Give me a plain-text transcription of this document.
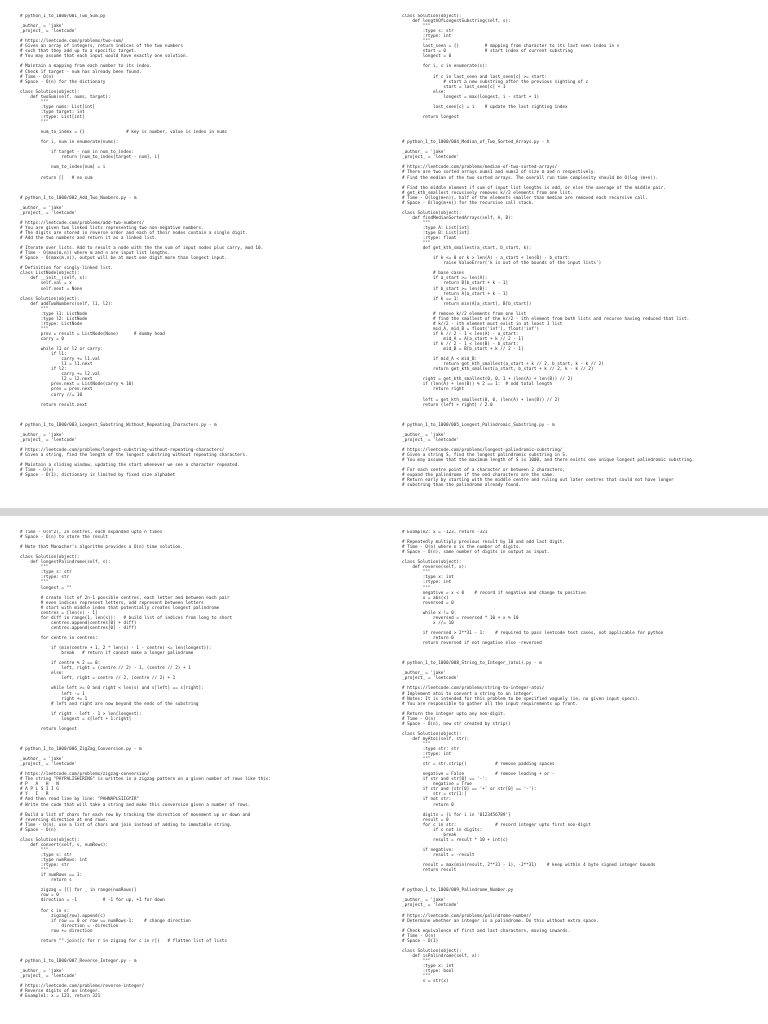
# python_1_to_1000/001_Two_Sum.py

_author_ = 'jake'
_project_ = 'leetcode'

# https://leetcode.com/problems/two-sum/
# Given an array of integers, return indices of the two numbers
# such that they add up to a specific target.
# You may assume that each input would have exactly one solution.

# Maintain a mapping from each number to its index.
# Check if target - num has already been found.
# Time - O(n)
# Space - O(n) for the dictionary

class Solution(object):
def twoSum(self, nums, target):
"""
:type nums: List[int]
:type target: int
:rtype: List[int]
"""

num_to_index = {}                # key is number, value is index in nums

for i, num in enumerate(nums):

if target - num in num_to_index:
return [num_to_index[target - num], i]

num_to_index[num] = i

return []   # no sum

# python_1_to_1000/002_Add_Two_Numbers.py - m

_author_ = 'jake'
_project_ = 'leetcode'

# https://leetcode.com/problems/add-two-numbers/
# You are given two linked lists representing two non-negative numbers.
# The digits are stored in reverse order and each of their nodes contain a single digit.
# Add the two numbers and return it as a linked list.

# Iterate over lists. Add to result a node with the the sum of input nodes plus carry, mod 10.
# Time - O(max(m,n)) where m and n are input list lengths.
# Space - O(max(m,n)), output will be at most one digit more than longest input.

# Definition for singly-linked list.
class ListNode(object):
def __init__(self, x):
self.val = x
self.next = None

class Solution(object):
def addTwoNumbers(self, l1, l2):
"""
:type l1: ListNode
:type l2: ListNode
:rtype: ListNode
"""
prev = result = ListNode(None)      # dummy head
carry = 0

while l1 or l2 or carry:
if l1:
carry += l1.val
l1 = l1.next
if l2:
carry += l2.val
l2 = l2.next
prev.next = ListNode(carry % 10)
prev = prev.next
carry //= 10

return result.next

# python_1_to_1000/003_Longest_Substring_Without_Repeating_Characters.py - m

_author_ = 'jake'
_project_ = 'leetcode'

# https://leetcode.com/problems/longest-substring-without-repeating-characters/
# Given a string, find the length of the longest substring without repeating characters.

# Maintain a sliding window, updating the start whenever we see a character repeated.
# Time - O(n)
# Space - O(1), dictionary is limited by fixed size alphabet
class Solution(object):
def lengthOfLongestSubstring(self, s):
"""
:type s: str
:rtype: int
"""
last_seen = {}          # mapping from character to its last seen index in s
start = 0               # start index of current substring
longest = 0

for i, c in enumerate(s):

if c in last_seen and last_seen[c] >= start:
# start a new substring after the previous sighting of c
start = last_seen[c] + 1
else:
longest = max(longest, i - start + 1)

last_seen[c] = i    # update the last sighting index

return longest

# python_1_to_1000/004_Median_of_Two_Sorted_Arrays.py - h

_author_ = 'jake'
_project_ = 'leetcode'

# https://leetcode.com/problems/median-of-two-sorted-arrays/
# There are two sorted arrays nums1 and nums2 of size m and n respectively.
# Find the median of the two sorted arrays. The overall run time complexity should be O(log (m+n)).

# Find the middle element if sum of input list lengths is odd, or else the average of the middle pair.
# get_kth_smallest recusively removes k//2 elements from one list.
# Time - O(log(m+n)), half of the elements smaller than median are removed each recursive call.
# Space - O(log(m+n)) for the recursive call stack.

class Solution(object):
def findMedianSortedArrays(self, A, B):
"""
:type A: List[int]
:type B: List[int]
:rtype: float
"""
def get_kth_smallest(a_start, b_start, k):

if k <= 0 or k > len(A) - a_start + len(B) - b_start:
raise ValueError('k is out of the bounds of the input lists')

# base cases
if a_start >= len(A):
return B[b_start + k - 1]
if b_start >= len(B):
return A[a_start + k - 1]
if k == 1:
return min(A[a_start], B[b_start])

# remove k//2 elements from one list
# find the smallest of the k//2 - ith element from both lists and recurse having reduced that list.
# k//2 - ith element must exist in at least 1 list
mid_A, mid_B = float('inf'), float('inf')
if k // 2 - 1 < len(A) - a_start:
mid_A = A[a_start + k // 2 - 1]
if k // 2 - 1 < len(B) - b_start:
mid_B = B[b_start + k // 2 - 1]

if mid_A < mid_B:
return get_kth_smallest(a_start + k // 2, b_start, k - k // 2)
return get_kth_smallest(a_start, b_start + k // 2, k - k // 2)

right = get_kth_smallest(0, 0, 1 + (len(A) + len(B)) // 2)
if (len(A) + len(B)) % 2 == 1:  # odd total length
return right

left = get_kth_smallest(0, 0, (len(A) + len(B)) // 2)
return (left + right) / 2.0

# python_1_to_1000/005_Longest_Palindromic_Substring.py - m

_author_ = 'jake'
_project_ = 'leetcode'

# https://leetcode.com/problems/longest-palindromic-substring/
# Given a string S, find the longest palindromic substring in S.
# You may assume that the maximum length of S is 1000, and there exists one unique longest palindromic substring.

# For each centre point of a character or between 2 characters,
# expand the palindrome if the end characters are the same.
# Return early by starting with the middle centre and ruling out later centres that could not have longer
# substring than the palindrome already found.
# Time - O(n^2), 2n centres, each expanded upto n times
# Space - O(n) to store the result

# Note that Manacher's algorithm provides a O(n) time solution.

class Solution(object):
def longestPalindrome(self, s):
"""
:type s: str
:rtype: str
"""
longest = ""

# create list of 2n-1 possible centres, each letter and between each pair
# even indices represent letters, odd represent between letters
# start with middle index that potentially creates longest palindrome
centres = [len(s) - 1]
for diff in range(1, len(s)):   # build list of indices from long to short
centres.append(centres[0] + diff)
centres.append(centres[0] - diff)

for centre in centres:

if (min(centre + 1, 2 * len(s) - 1 - centre) <= len(longest)):
break   # return if cannot make a longer palindrome

if centre % 2 == 0:
left, right = (centre // 2) - 1, (centre // 2) + 1
else:
left, right = centre // 2, (centre // 2) + 1

while left >= 0 and right < len(s) and s[left] == s[right]:
left -= 1
right += 1
# left and right are now beyond the ends of the substring

if right - left - 1 > len(longest):
longest = s[left + 1:right]

return longest

# python_1_to_1000/006_ZigZag_Conversion.py - m

_author_ = 'jake'
_project_ = 'leetcode'

# https://leetcode.com/problems/zigzag-conversion/
# The string "PAYPALISHIRING" is written in a zigzag pattern on a given number of rows like this:
# P   A   H   N
# A P L S I I G
# Y   I   R
# And then read line by line: "PAHNAPLSIIGYIR"
# Write the code that will take a string and make this conversion given a number of rows.

# Build a list of chars for each row by tracking the direction of movement up or down and
# reversing direction at end rows.
# Time - O(n), use a list of chars and join instead of adding to immutable string.
# Space - O(n)

class Solution(object):
def convert(self, s, numRows):
"""
:type s: str
:type numRows: int
:rtype: str
"""
if numRows == 1:
return s

zigzag = [[] for _ in range(numRows)]
row = 0
direction = -1          # -1 for up, +1 for down

for c in s:
zigzag[row].append(c)
if row == 0 or row == numRows-1:    # change direction
direction = -direction
row += direction

return "".join([c for r in zigzag for c in r])   # flatten list of lists

# python_1_to_1000/007_Reverse_Integer.py - m

_author_ = 'jake'
_project_ = 'leetcode'

# https://leetcode.com/problems/reverse-integer/
# Reverse digits of an integer.
# Example1: x = 123, return 321
# Example2: x = -123, return -321

# Repeatedly multiply previous result by 10 and add last digit.
# Time - O(n) where n is the number of digits.
# Space - O(n), same number of digits in output as input.

class Solution(object):
def reverse(self, x):
"""
:type x: int
:rtype: int
"""
negative = x < 0    # record if negative and change to positive
x = abs(x)
reversed = 0

while x != 0:
reversed = reversed * 10 + x % 10
x //= 10

if reversed > 2**31 - 1:    # required to pass leetcode test cases, not applicable for python
return 0
return reversed if not negative else -reversed

# python_1_to_1000/008_String_to_Integer_(atoi).py - m

_author_ = 'jake'
_project_ = 'leetcode'

# https://leetcode.com/problems/string-to-integer-atoi/
# Implement atoi to convert a string to an integer.
# Notes: It is intended for this problem to be specified vaguely (ie, no given input specs).
# You are responsible to gather all the input requirements up front.

# Return the integer upto any non-digit.
# Time - O(n)
# Space - O(n), new str created by strip()

class Solution(object):
def myAtoi(self, str):
"""
:type str: str
:rtype: int
"""
str = str.strip()           # remove padding spaces

negative = False            # remove leading + or -
if str and str[0] == '-':
negative = True
if str and (str[0] == '+' or str[0] == '-'):
str = str[1:]
if not str:
return 0

digits = {i for i in '0123456789'}
result = 0
for c in str:               # record integer upto first non-digit
if c not in digits:
break
result = result * 10 + int(c)

if negative:
result = -result

result = max(min(result, 2**31 - 1), -2**31)    # keep within 4 byte signed integer bounds
return result

# python_1_to_1000/009_Palindrome_Number.py

_author_ = 'jake'
_project_ = 'leetcode'

# https://leetcode.com/problems/palindrome-number/
# Determine whether an integer is a palindrome. Do this without extra space.

# Check equivalence of first and last characters, moving inwards.
# Time - O(n)
# Space - O(1)

class Solution(object):
def isPalindrome(self, x):
"""
:type x: int
:rtype: bool
"""
s = str(x)
